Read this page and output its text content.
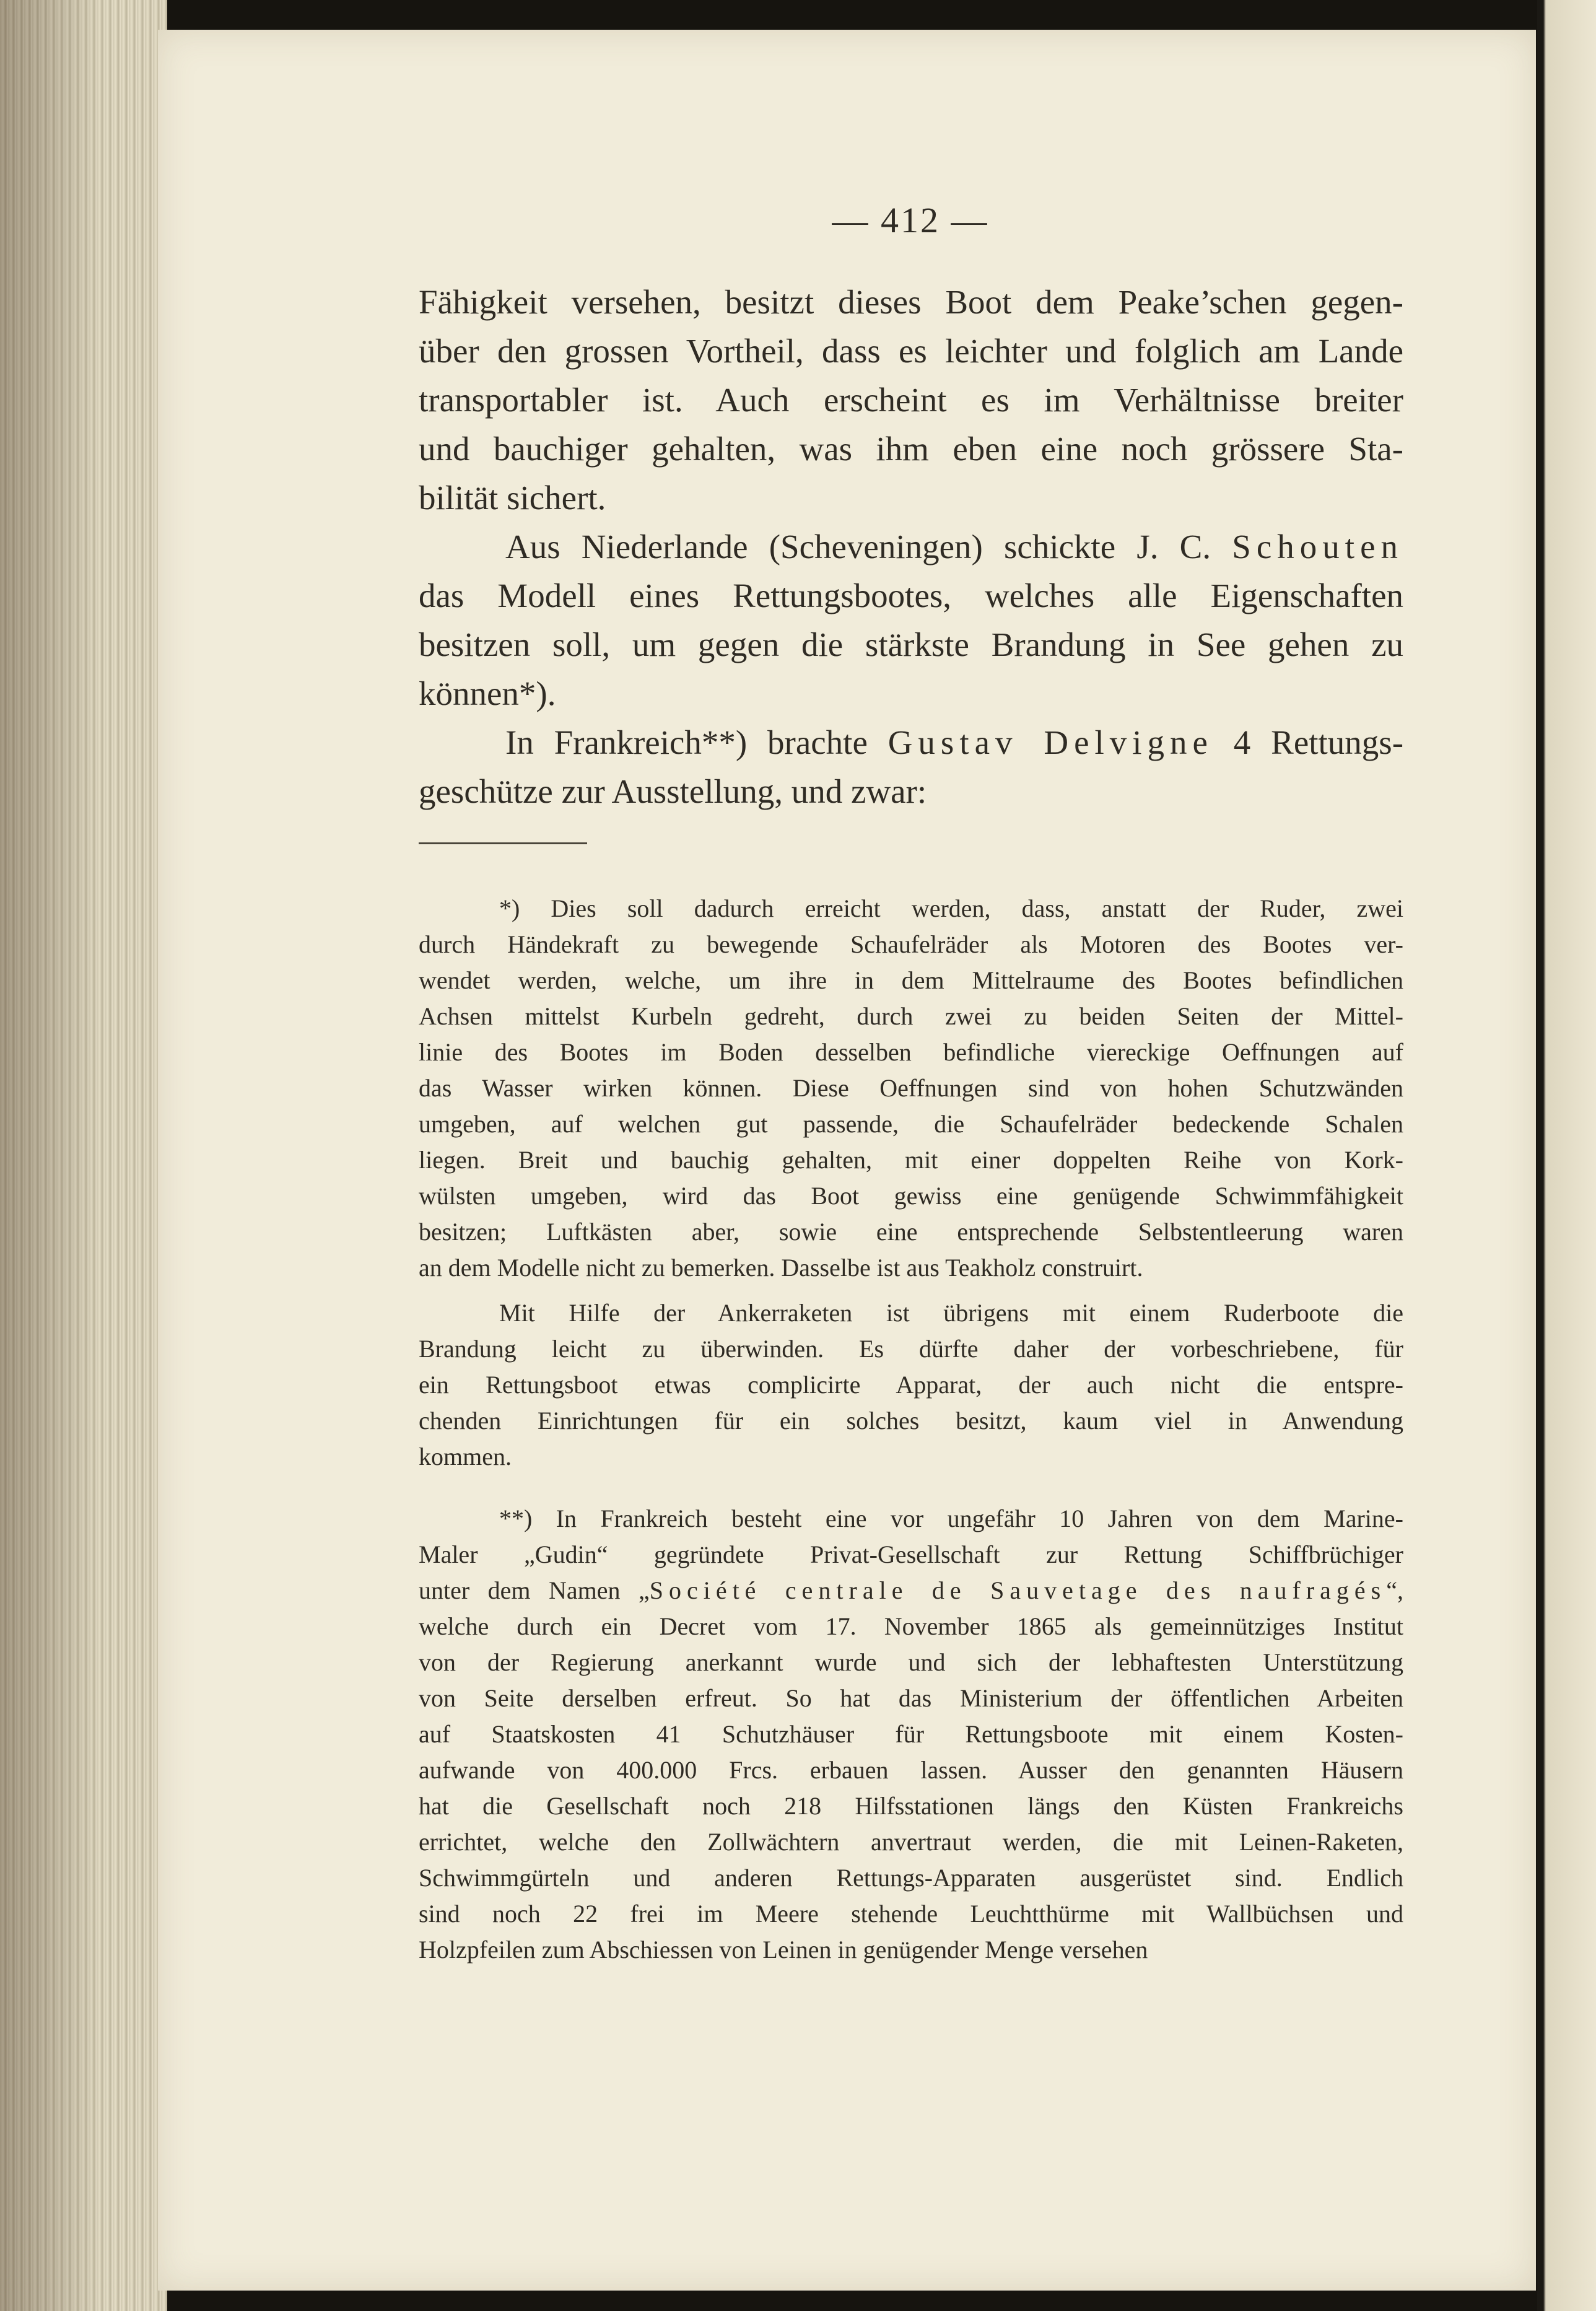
— 412 —
Fähigkeit versehen, besitzt dieses Boot dem Peake’schen gegen-
über den grossen Vortheil, dass es leichter und folglich am Lande
transportabler ist. Auch erscheint es im Verhältnisse breiter
und bauchiger gehalten, was ihm eben eine noch grössere Sta-
bilität sichert.
Aus Niederlande (Scheveningen) schickte J. C. Schouten
das Modell eines Rettungsbootes, welches alle Eigenschaften
besitzen soll, um gegen die stärkste Brandung in See gehen zu
können*).
In Frankreich**) brachte Gustav Delvigne 4 Rettungs-
geschütze zur Ausstellung, und zwar:
*) Dies soll dadurch erreicht werden, dass, anstatt der Ruder, zwei
durch Händekraft zu bewegende Schaufelräder als Motoren des Bootes ver-
wendet werden, welche, um ihre in dem Mittelraume des Bootes befindlichen
Achsen mittelst Kurbeln gedreht, durch zwei zu beiden Seiten der Mittel-
linie des Bootes im Boden desselben befindliche viereckige Oeffnungen auf
das Wasser wirken können. Diese Oeffnungen sind von hohen Schutzwänden
umgeben, auf welchen gut passende, die Schaufelräder bedeckende Schalen
liegen. Breit und bauchig gehalten, mit einer doppelten Reihe von Kork-
wülsten umgeben, wird das Boot gewiss eine genügende Schwimmfähigkeit
besitzen; Luftkästen aber, sowie eine entsprechende Selbstentleerung waren
an dem Modelle nicht zu bemerken. Dasselbe ist aus Teakholz construirt.
Mit Hilfe der Ankerraketen ist übrigens mit einem Ruderboote die
Brandung leicht zu überwinden. Es dürfte daher der vorbeschriebene, für
ein Rettungsboot etwas complicirte Apparat, der auch nicht die entspre-
chenden Einrichtungen für ein solches besitzt, kaum viel in Anwendung
kommen.
**) In Frankreich besteht eine vor ungefähr 10 Jahren von dem Marine-
Maler „Gudin“ gegründete Privat-Gesellschaft zur Rettung Schiffbrüchiger
unter dem Namen „Société centrale de Sauvetage des naufragés“,
welche durch ein Decret vom 17. November 1865 als gemeinnütziges Institut
von der Regierung anerkannt wurde und sich der lebhaftesten Unterstützung
von Seite derselben erfreut. So hat das Ministerium der öffentlichen Arbeiten
auf Staatskosten 41 Schutzhäuser für Rettungsboote mit einem Kosten-
aufwande von 400.000 Frcs. erbauen lassen. Ausser den genannten Häusern
hat die Gesellschaft noch 218 Hilfsstationen längs den Küsten Frankreichs
errichtet, welche den Zollwächtern anvertraut werden, die mit Leinen-Raketen,
Schwimmgürteln und anderen Rettungs-Apparaten ausgerüstet sind. Endlich
sind noch 22 frei im Meere stehende Leuchtthürme mit Wallbüchsen und
Holzpfeilen zum Abschiessen von Leinen in genügender Menge versehen
